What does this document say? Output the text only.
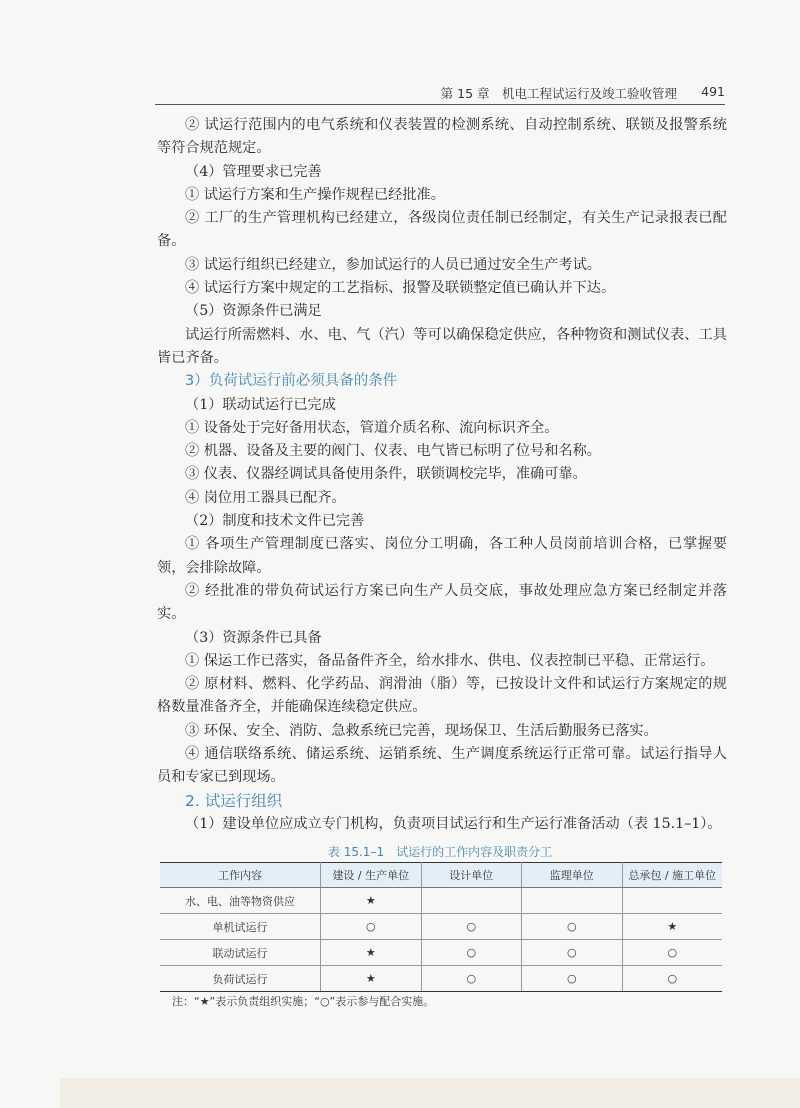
第 15 章　机电工程试运行及竣工验收管理 491

② 试运行范围内的电气系统和仪表装置的检测系统、自动控制系统、联锁及报警系统等符合规范规定。

（4）管理要求已完善

① 试运行方案和生产操作规程已经批准。

② 工厂的生产管理机构已经建立，各级岗位责任制已经制定，有关生产记录报表已配备。

③ 试运行组织已经建立，参加试运行的人员已通过安全生产考试。

④ 试运行方案中规定的工艺指标、报警及联锁整定值已确认并下达。

（5）资源条件已满足

试运行所需燃料、水、电、气（汽）等可以确保稳定供应，各种物资和测试仪表、工具皆已齐备。

3）负荷试运行前必须具备的条件

（1）联动试运行已完成

① 设备处于完好备用状态，管道介质名称、流向标识齐全。

② 机器、设备及主要的阀门、仪表、电气皆已标明了位号和名称。

③ 仪表、仪器经调试具备使用条件，联锁调校完毕，准确可靠。

④ 岗位用工器具已配齐。

（2）制度和技术文件已完善

① 各项生产管理制度已落实、岗位分工明确，各工种人员岗前培训合格，已掌握要领，会排除故障。

② 经批准的带负荷试运行方案已向生产人员交底，事故处理应急方案已经制定并落实。

（3）资源条件已具备

① 保运工作已落实，备品备件齐全，给水排水、供电、仪表控制已平稳、正常运行。

② 原材料、燃料、化学药品、润滑油（脂）等，已按设计文件和试运行方案规定的规格数量准备齐全，并能确保连续稳定供应。

③ 环保、安全、消防、急救系统已完善，现场保卫、生活后勤服务已落实。

④ 通信联络系统、储运系统、运销系统、生产调度系统运行正常可靠。试运行指导人员和专家已到现场。

2. 试运行组织

（1）建设单位应成立专门机构，负责项目试运行和生产运行准备活动（表 15.1–1）。

表 15.1–1　试运行的工作内容及职责分工
工作内容	建设 / 生产单位	设计单位	监理单位	总承包 / 施工单位
水、电、油等物资供应	★			
单机试运行	○	○	○	★
联动试运行	★	○	○	○
负荷试运行	★	○	○	○
注：“★”表示负责组织实施；“○”表示参与配合实施。
